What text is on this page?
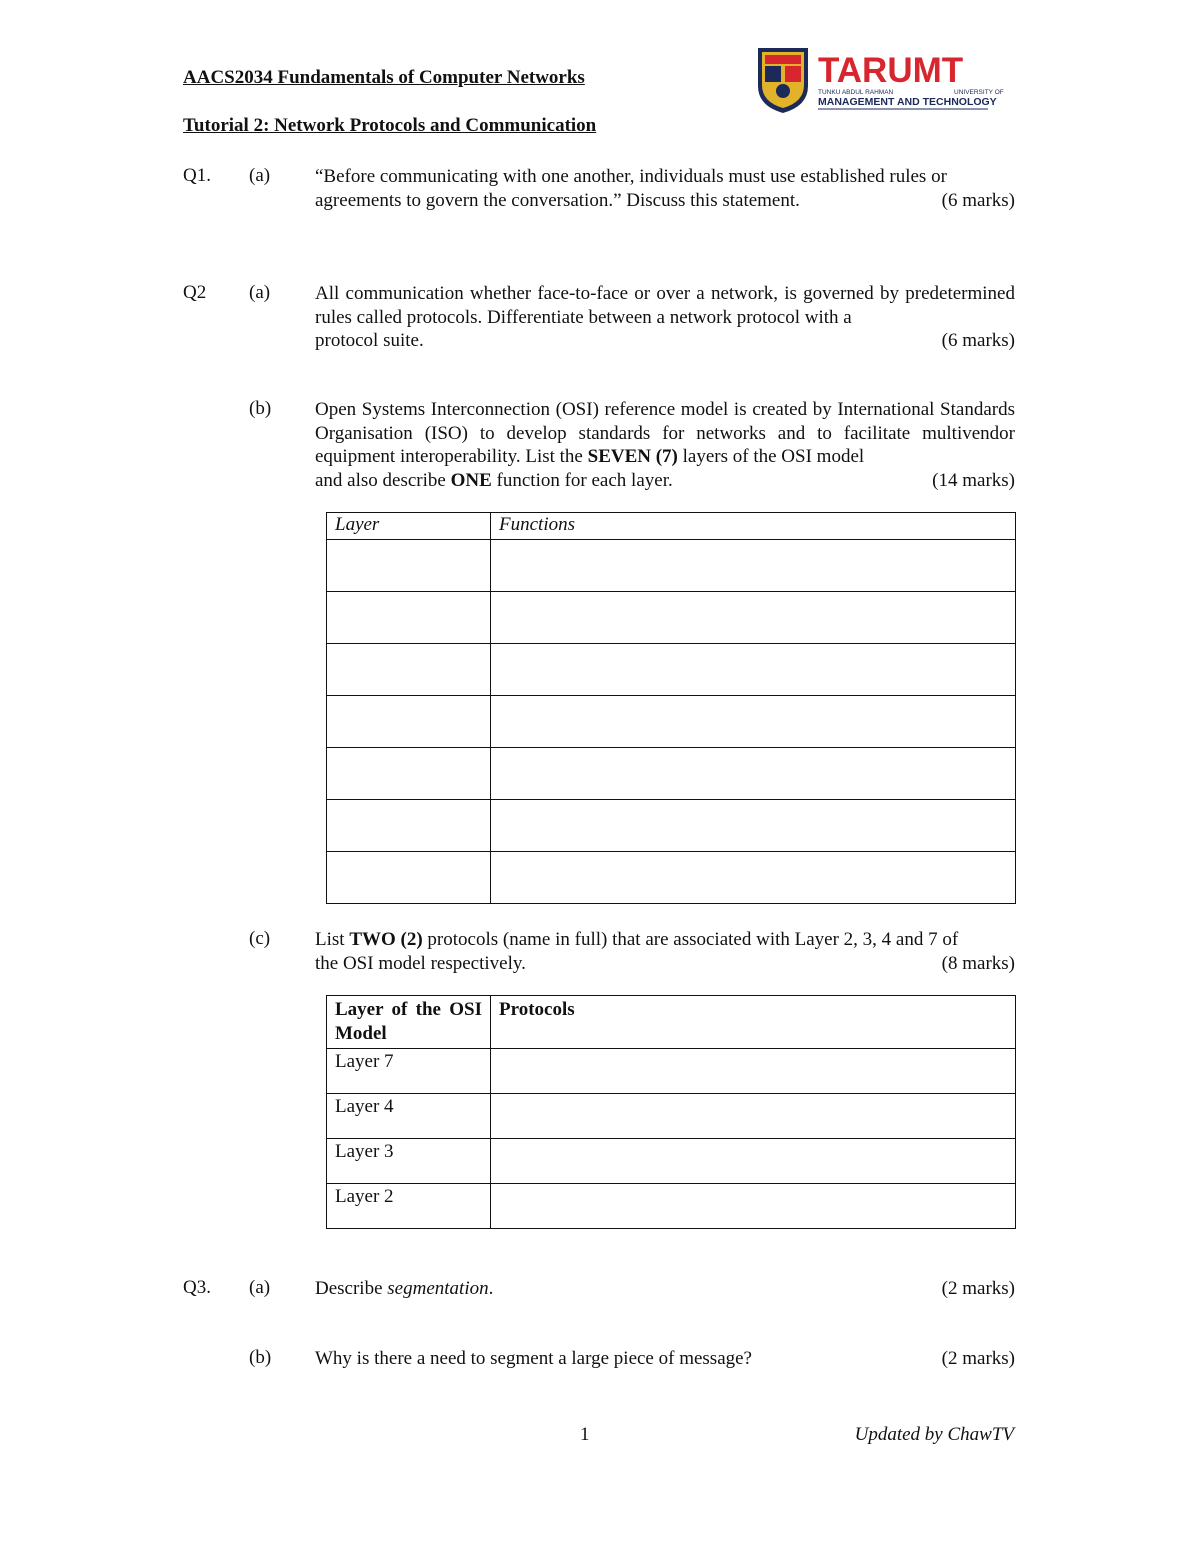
AACS2034 Fundamentals of Computer Networks
Tutorial 2: Network Protocols and Communication
TARUMT
TUNKU ABDUL RAHMAN	UNIVERSITY OF
MANAGEMENT AND TECHNOLOGY
Q1. (a) “Before communicating with one another, individuals must use established rules or
agreements to govern the conversation.” Discuss this statement.	(6 marks)
Q2 (a) All communication whether face-to-face or over a network, is governed by predetermined rules called protocols. Differentiate between a network protocol with a
protocol suite.	(6 marks)
(b) Open Systems Interconnection (OSI) reference model is created by International Standards Organisation (ISO) to develop standards for networks and to facilitate multivendor equipment interoperability. List the SEVEN (7) layers of the OSI model
and also describe ONE function for each layer.	(14 marks)
Layer	Functions

(c) List TWO (2) protocols (name in full) that are associated with Layer 2, 3, 4 and 7 of
the OSI model respectively.	(8 marks)
Layer of the OSI Model	Protocols
Layer 7	
Layer 4	
Layer 3	
Layer 2	
Q3. (a) Describe segmentation.	(2 marks)
(b) Why is there a need to segment a large piece of message?	(2 marks)
1	Updated by ChawTV
